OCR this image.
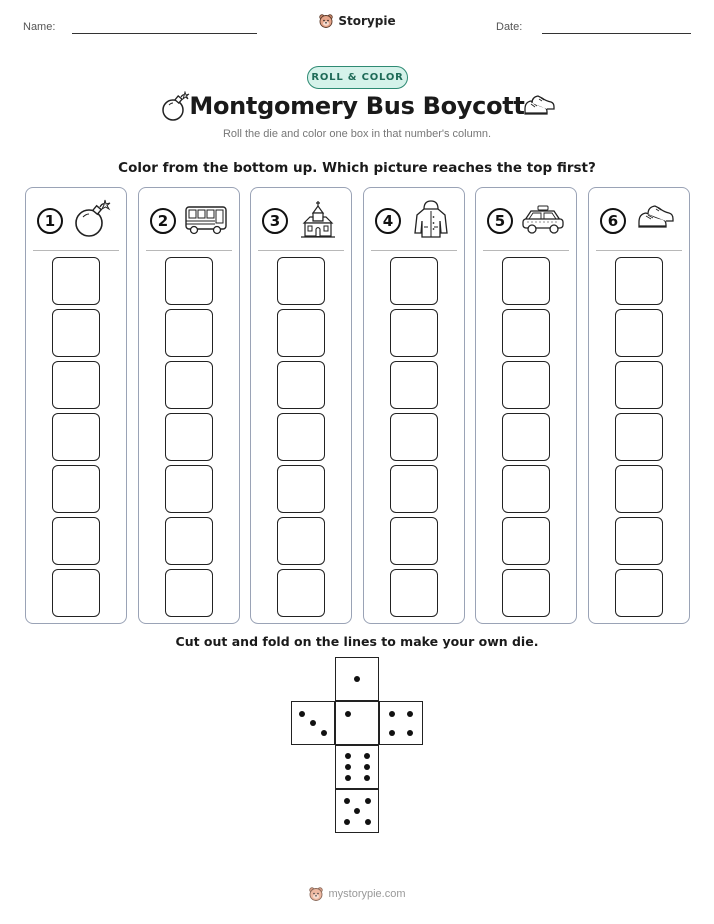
Name:	Storypie	Date:
ROLL & COLOR
Montgomery Bus Boycott
Roll the die and color one box in that number's column.
Color from the bottom up. Which picture reaches the top first?
1	2	3	4	5	6
Cut out and fold on the lines to make your own die.
mystorypie.com
